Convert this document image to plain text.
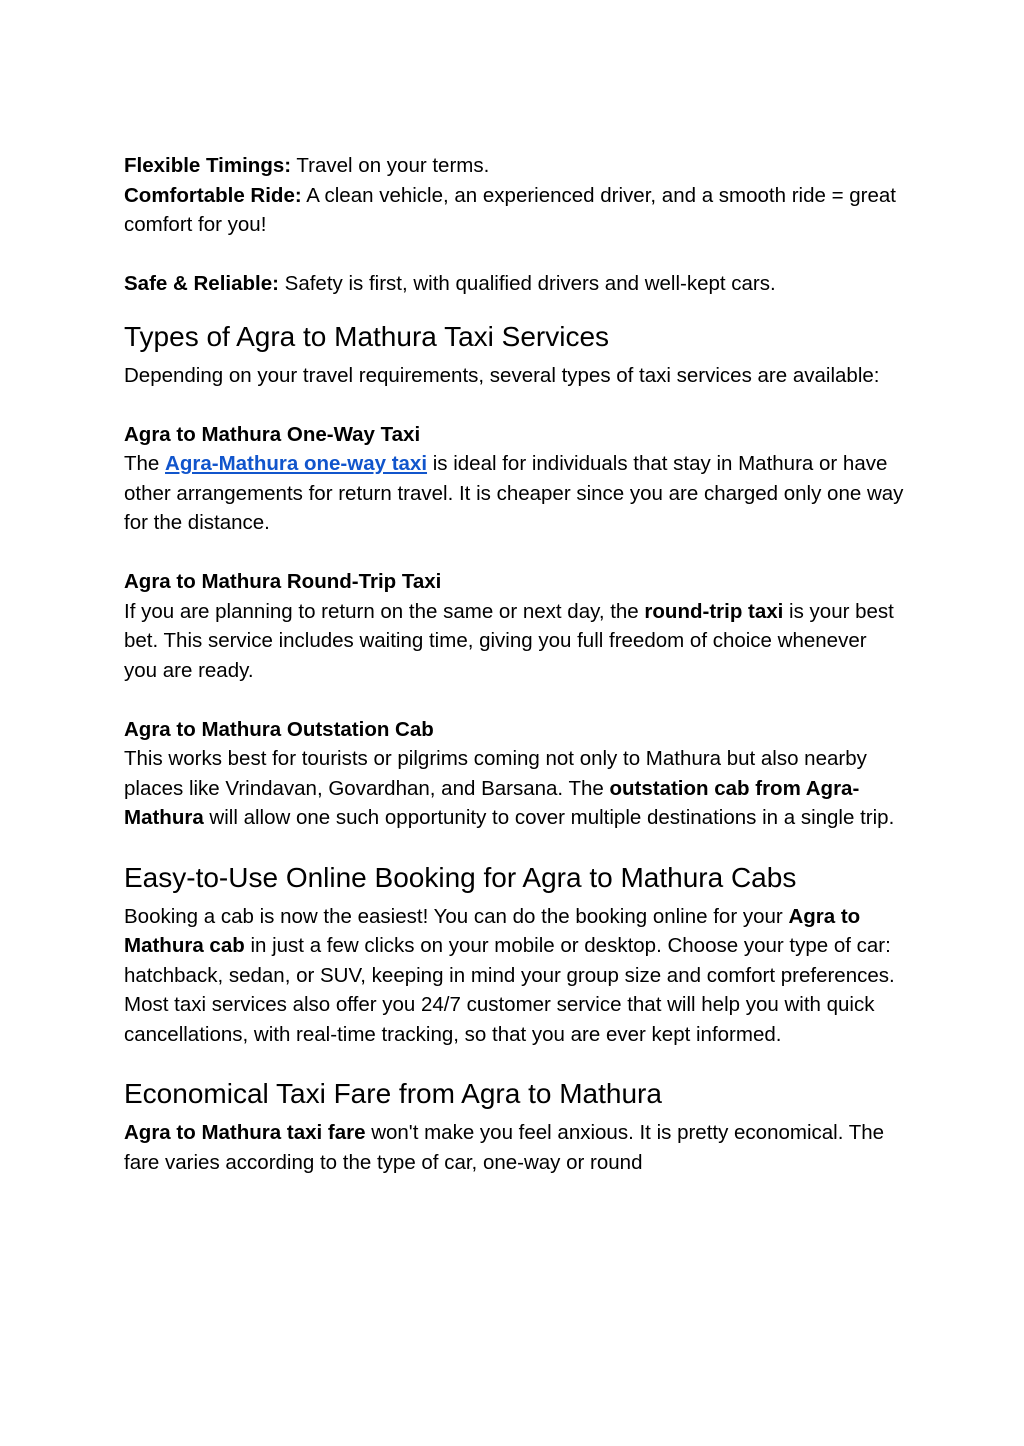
Flexible Timings: Travel on your terms.

Comfortable Ride: A clean vehicle, an experienced driver, and a smooth ride = great comfort for you!

Safe & Reliable: Safety is first, with qualified drivers and well-kept cars.

Types of Agra to Mathura Taxi Services

Depending on your travel requirements, several types of taxi services are available:

Agra to Mathura One-Way Taxi

The Agra-Mathura one-way taxi is ideal for individuals that stay in Mathura or have other arrangements for return travel. It is cheaper since you are charged only one way for the distance.

Agra to Mathura Round-Trip Taxi

If you are planning to return on the same or next day, the round-trip taxi is your best bet. This service includes waiting time, giving you full freedom of choice whenever you are ready.

Agra to Mathura Outstation Cab

This works best for tourists or pilgrims coming not only to Mathura but also nearby places like Vrindavan, Govardhan, and Barsana. The outstation cab from Agra-Mathura will allow one such opportunity to cover multiple destinations in a single trip.

Easy-to-Use Online Booking for Agra to Mathura Cabs

Booking a cab is now the easiest! You can do the booking online for your Agra to Mathura cab in just a few clicks on your mobile or desktop. Choose your type of car: hatchback, sedan, or SUV, keeping in mind your group size and comfort preferences.

Most taxi services also offer you 24/7 customer service that will help you with quick cancellations, with real-time tracking, so that you are ever kept informed.

Economical Taxi Fare from Agra to Mathura

Agra to Mathura taxi fare won't make you feel anxious. It is pretty economical. The fare varies according to the type of car, one-way or round
